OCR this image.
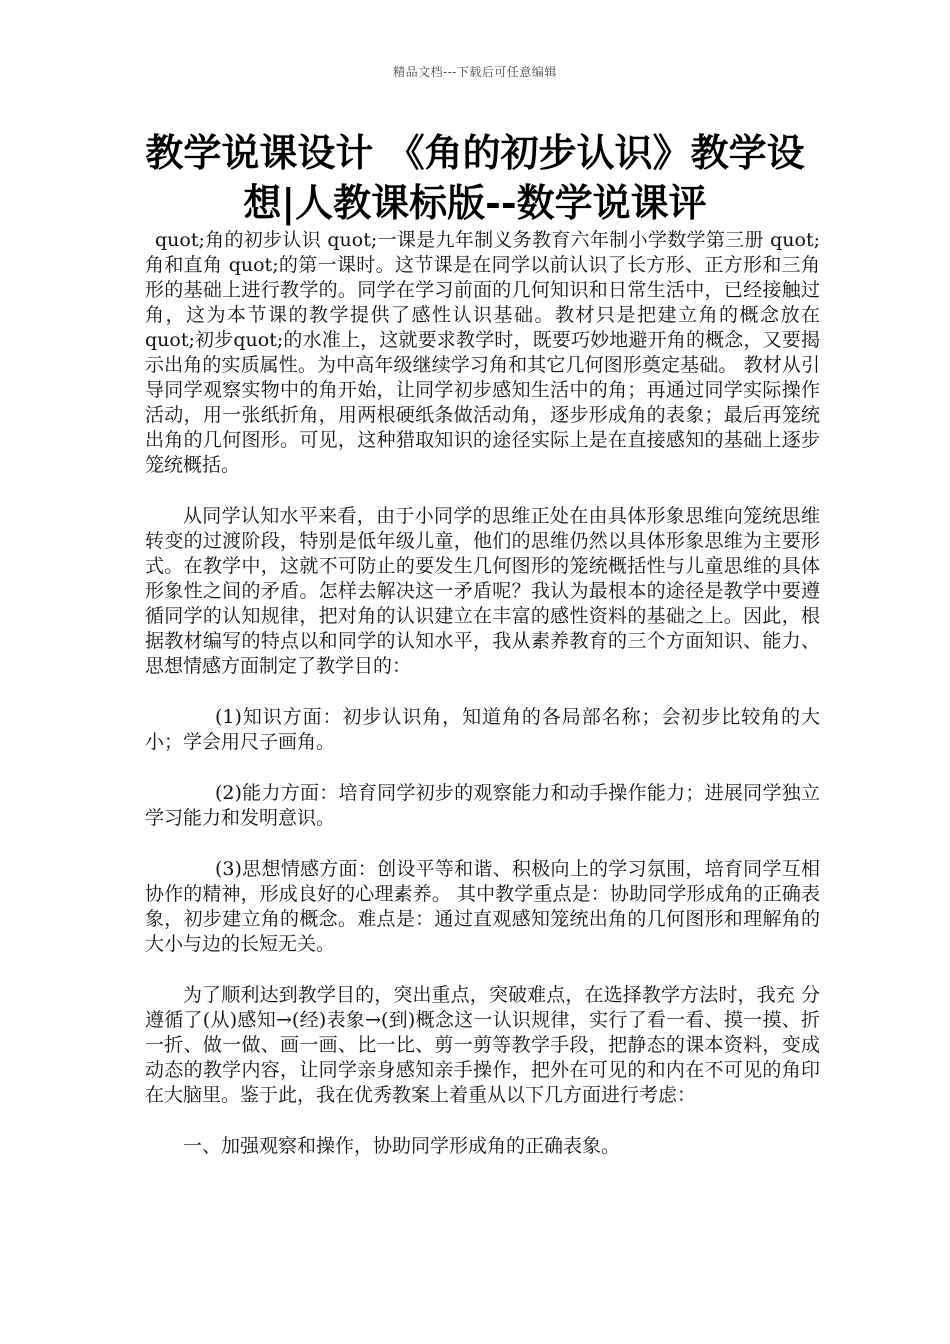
精品文档---下载后可任意编辑
教学说课设计 《角的初步认识》教学设想|人教课标版--数学说课评

quot;角的初步认识 quot;一课是九年制义务教育六年制小学数学第三册 quot;角和直角 quot;的第一课时。这节课是在同学以前认识了长方形、正方形和三角形的基础上进行教学的。同学在学习前面的几何知识和日常生活中，已经接触过角，这为本节课的教学提供了感性认识基础。教材只是把建立角的概念放在 quot;初步quot;的水准上，这就要求教学时，既要巧妙地避开角的概念，又要揭示出角的实质属性。为中高年级继续学习角和其它几何图形奠定基础。 教材从引导同学观察实物中的角开始，让同学初步感知生活中的角；再通过同学实际操作活动，用一张纸折角，用两根硬纸条做活动角，逐步形成角的表象；最后再笼统出角的几何图形。可见，这种猎取知识的途径实际上是在直接感知的基础上逐步笼统概括。

从同学认知水平来看，由于小同学的思维正处在由具体形象思维向笼统思维转变的过渡阶段，特别是低年级儿童，他们的思维仍然以具体形象思维为主要形式。在教学中，这就不可防止的要发生几何图形的笼统概括性与儿童思维的具体形象性之间的矛盾。怎样去解决这一矛盾呢？我认为最根本的途径是教学中要遵循同学的认知规律，把对角的认识建立在丰富的感性资料的基础之上。因此，根据教材编写的特点以和同学的认知水平，我从素养教育的三个方面知识、能力、思想情感方面制定了教学目的：

(1)知识方面：初步认识角，知道角的各局部名称；会初步比较角的大小；学会用尺子画角。

(2)能力方面：培育同学初步的观察能力和动手操作能力；进展同学独立学习能力和发明意识。

(3)思想情感方面：创设平等和谐、积极向上的学习氛围，培育同学互相协作的精神，形成良好的心理素养。 其中教学重点是：协助同学形成角的正确表象，初步建立角的概念。难点是：通过直观感知笼统出角的几何图形和理解角的大小与边的长短无关。

为了顺利达到教学目的，突出重点，突破难点，在选择教学方法时，我充 分遵循了(从)感知→(经)表象→(到)概念这一认识规律，实行了看一看、摸一摸、折一折、做一做、画一画、比一比、剪一剪等教学手段，把静态的课本资料，变成动态的教学内容，让同学亲身感知亲手操作，把外在可见的和内在不可见的角印在大脑里。鉴于此，我在优秀教案上着重从以下几方面进行考虑：

一、加强观察和操作，协助同学形成角的正确表象。
